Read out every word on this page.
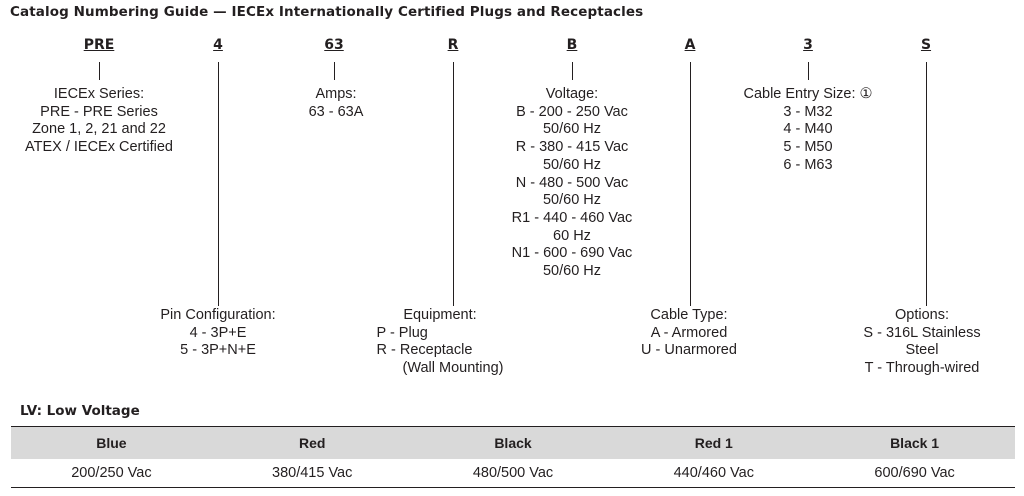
Catalog Numbering Guide — IECEx Internationally Certified Plugs and Receptacles
PRE	4	63	R	B	A	3	S
IECEx Series:
PRE - PRE Series
Zone 1, 2, 21 and 22
ATEX / IECEx Certified
Amps:
63 - 63A
Voltage:
B - 200 - 250 Vac
50/60 Hz
R - 380 - 415 Vac
50/60 Hz
N - 480 - 500 Vac
50/60 Hz
R1 - 440 - 460 Vac
60 Hz
N1 - 600 - 690 Vac
50/60 Hz
Cable Entry Size: ①
3 - M32
4 - M40
5 - M50
6 - M63
Pin Configuration:
4 - 3P+E
5 - 3P+N+E
Equipment:
P - Plug
R - Receptacle
(Wall Mounting)
Cable Type:
A - Armored
U - Unarmored
Options:
S - 316L Stainless
Steel
T - Through-wired
LV: Low Voltage
Blue	Red	Black	Red 1	Black 1
200/250 Vac	380/415 Vac	480/500 Vac	440/460 Vac	600/690 Vac
